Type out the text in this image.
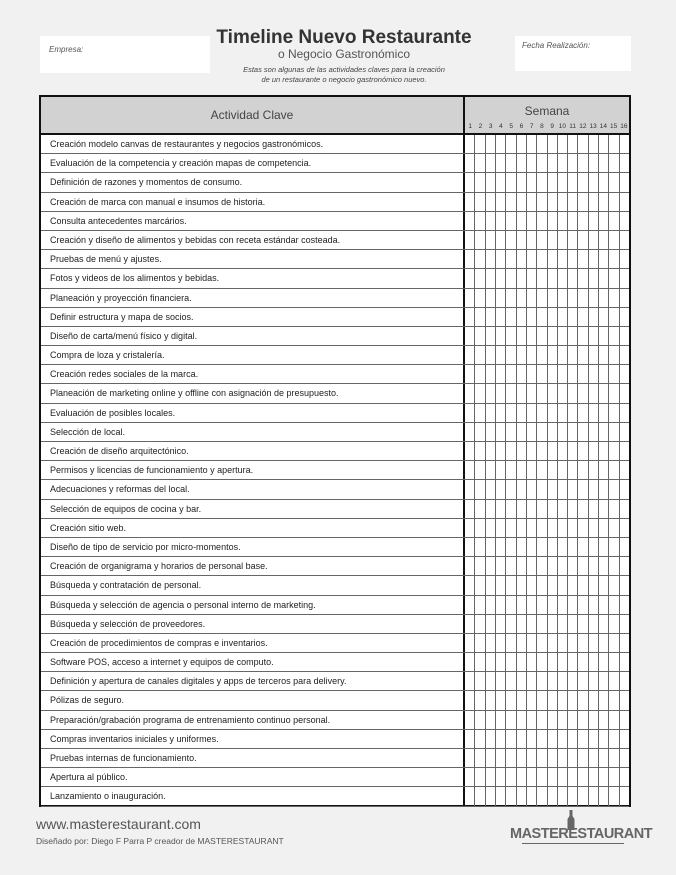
Empresa:
Timeline Nuevo Restaurante
o Negocio Gastronómico
Estas son algunas de las actividades claves para la creación
de un restaurante o negocio gastronómico nuevo.
Fecha Realización:
Actividad Clave	Semana
1	2	3	4	5	6	7	8	9 10 11 12 13 14 15 16
Creación modelo canvas de restaurantes y negocios gastronómicos.
Evaluación de la competencia y creación mapas de competencia.
Definición de razones y momentos de consumo.
Creación de marca con manual e insumos de historia.
Consulta antecedentes marcários.
Creación y diseño de alimentos y bebidas con receta estándar costeada.
Pruebas de menú y ajustes.
Fotos y videos de los alimentos y bebidas.
Planeación y proyección financiera.
Definir estructura y mapa de socios.
Diseño de carta/menú físico y digital.
Compra de loza y cristalería.
Creación redes sociales de la marca.
Planeación de marketing online y offline con asignación de presupuesto.
Evaluación de posibles locales.
Selección de local.
Creación de diseño arquitectónico.
Permisos y licencias de funcionamiento y apertura.
Adecuaciones y reformas del local.
Selección de equipos de cocina y bar.
Creación sitio web.
Diseño de tipo de servicio por micro-momentos.
Creación de organigrama y horarios de personal base.
Búsqueda y contratación de personal.
Búsqueda y selección de agencia o personal interno de marketing.
Búsqueda y selección de proveedores.
Creación de procedimientos de compras e inventarios.
Software POS, acceso a internet y equipos de computo.
Definición y apertura de canales digitales y apps de terceros para delivery.
Pólizas de seguro.
Preparación/grabación programa de entrenamiento continuo personal.
Compras inventarios iniciales y uniformes.
Pruebas internas de funcionamiento.
Apertura al público.
Lanzamiento o inauguración.
www.masterestaurant.com
Diseñado por: Diego F Parra P creador de MASTERESTAURANT	MASTERESTAURANT
